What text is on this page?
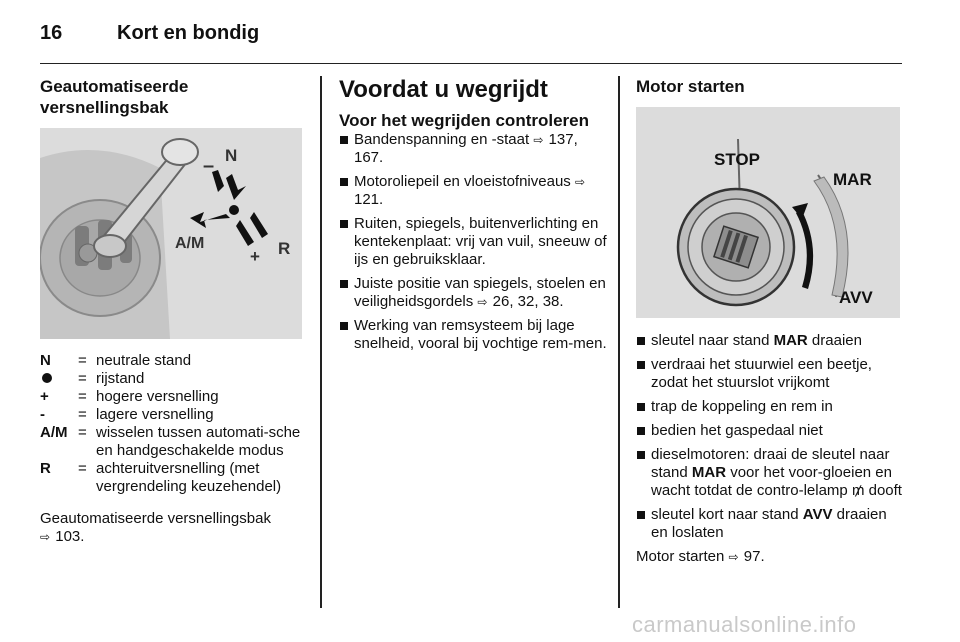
16	Kort en bondig
Geautomatiseerde versnellingsbak
N
–
A/M
+ R
N	= neutrale stand
= rijstand
+	= hogere versnelling
-	= lagere versnelling
A/M = wisselen tussen automati-sche en handgeschakelde modus
R	= achteruitversnelling (met vergrendeling keuzehendel)
Geautomatiseerde versnellingsbak
⇨ 103.
Voordat u wegrijdt
Voor het wegrijden controleren
Bandenspanning en -staat ⇨ 137, 167.
Motoroliepeil en vloeistofniveaus ⇨ 121.
Ruiten, spiegels, buitenverlichting en kentekenplaat: vrij van vuil, sneeuw of ijs en gebruiksklaar.
Juiste positie van spiegels, stoelen en veiligheidsgordels ⇨ 26, 32, 38.
Werking van remsysteem bij lage snelheid, vooral bij vochtige rem-men.
Motor starten
STOP
MAR
AVV
sleutel naar stand MAR draaien
verdraai het stuurwiel een beetje, zodat het stuurslot vrijkomt
trap de koppeling en rem in
bedien het gaspedaal niet
dieselmotoren: draai de sleutel naar stand MAR voor het voor-gloeien en wacht totdat de contro-lelamp ₥ dooft
sleutel kort naar stand AVV draaien en loslaten
Motor starten ⇨ 97.
carmanualsonline.info
